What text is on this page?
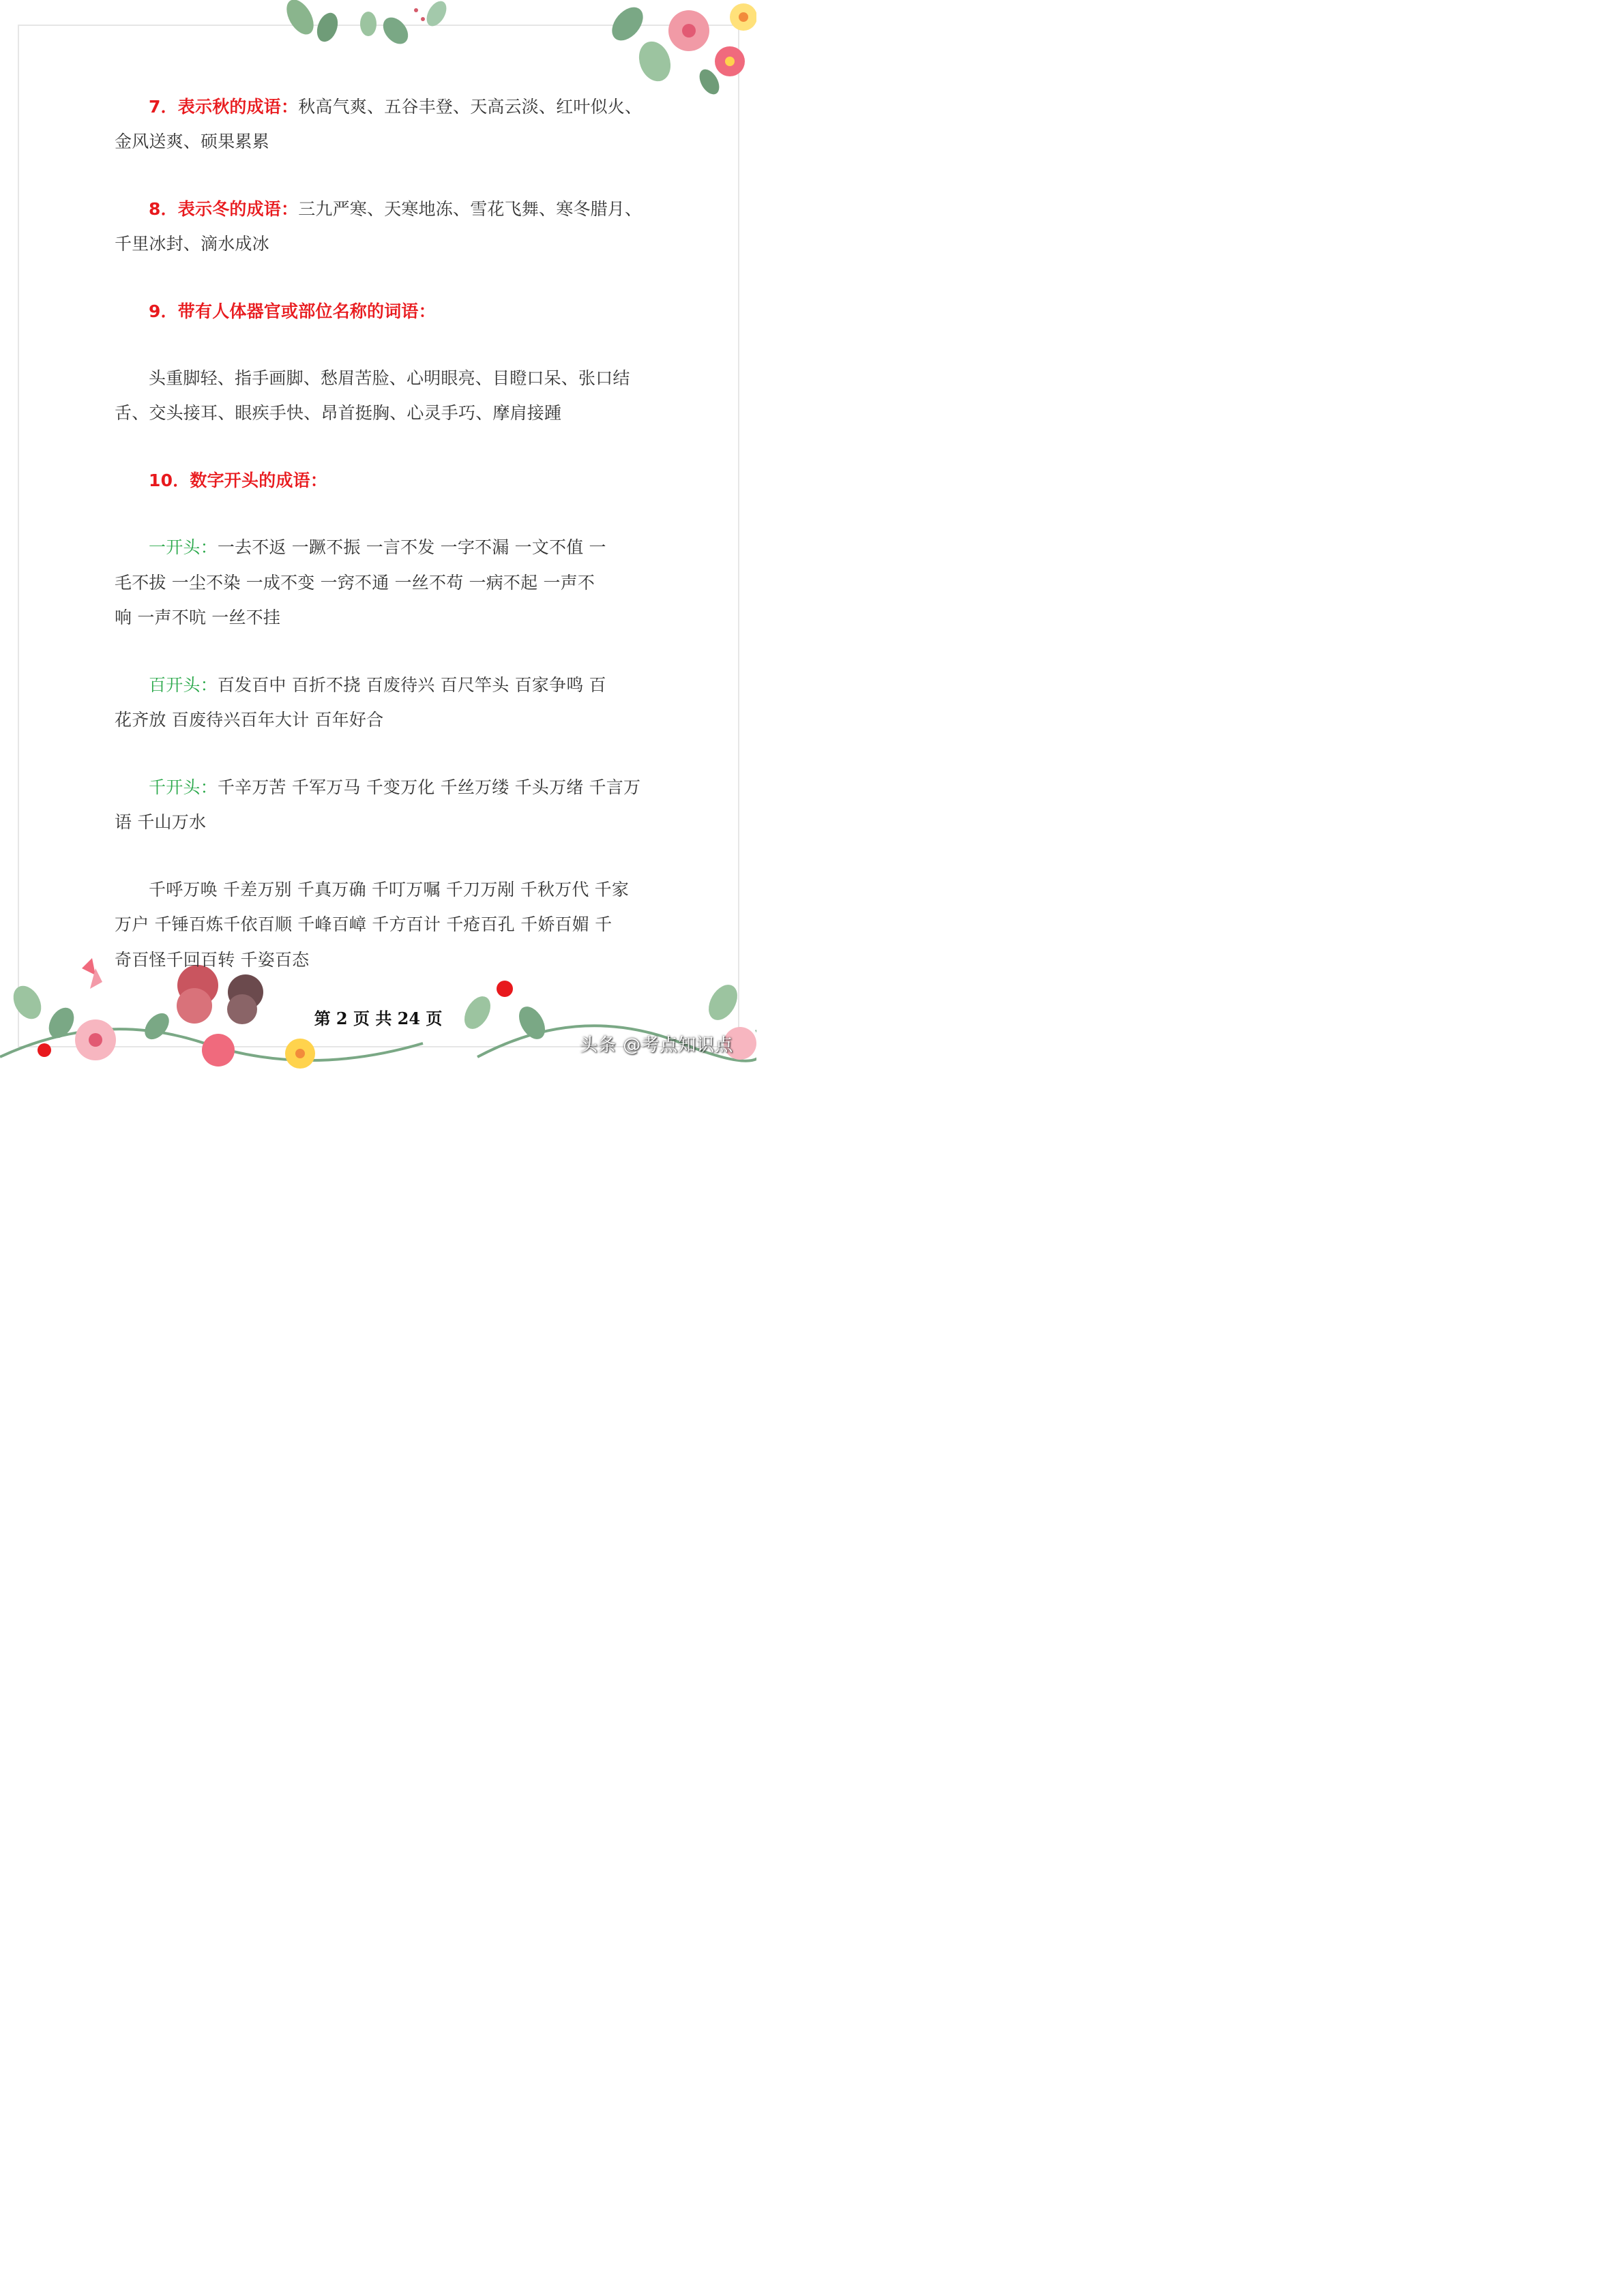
7．表示秋的成语：秋高气爽、五谷丰登、天高云淡、红叶似火、
金风送爽、硕果累累
8．表示冬的成语：三九严寒、天寒地冻、雪花飞舞、寒冬腊月、
千里冰封、滴水成冰
9．带有人体器官或部位名称的词语：
头重脚轻、指手画脚、愁眉苦脸、心明眼亮、目瞪口呆、张口结
舌、交头接耳、眼疾手快、昂首挺胸、心灵手巧、摩肩接踵
10．数字开头的成语：
一开头：一去不返 一蹶不振 一言不发 一字不漏 一文不值 一
毛不拔 一尘不染 一成不变 一窍不通 一丝不苟 一病不起 一声不
响 一声不吭 一丝不挂
百开头：百发百中 百折不挠 百废待兴 百尺竿头 百家争鸣 百
花齐放 百废待兴百年大计 百年好合
千开头：千辛万苦 千军万马 千变万化 千丝万缕 千头万绪 千言万
语 千山万水
千呼万唤 千差万别 千真万确 千叮万嘱 千刀万剐 千秋万代 千家
万户 千锤百炼千依百顺 千峰百嶂 千方百计 千疮百孔 千娇百媚 千
奇百怪千回百转 千姿百态
第 2 页 共 24 页
头条 @考点知识点
